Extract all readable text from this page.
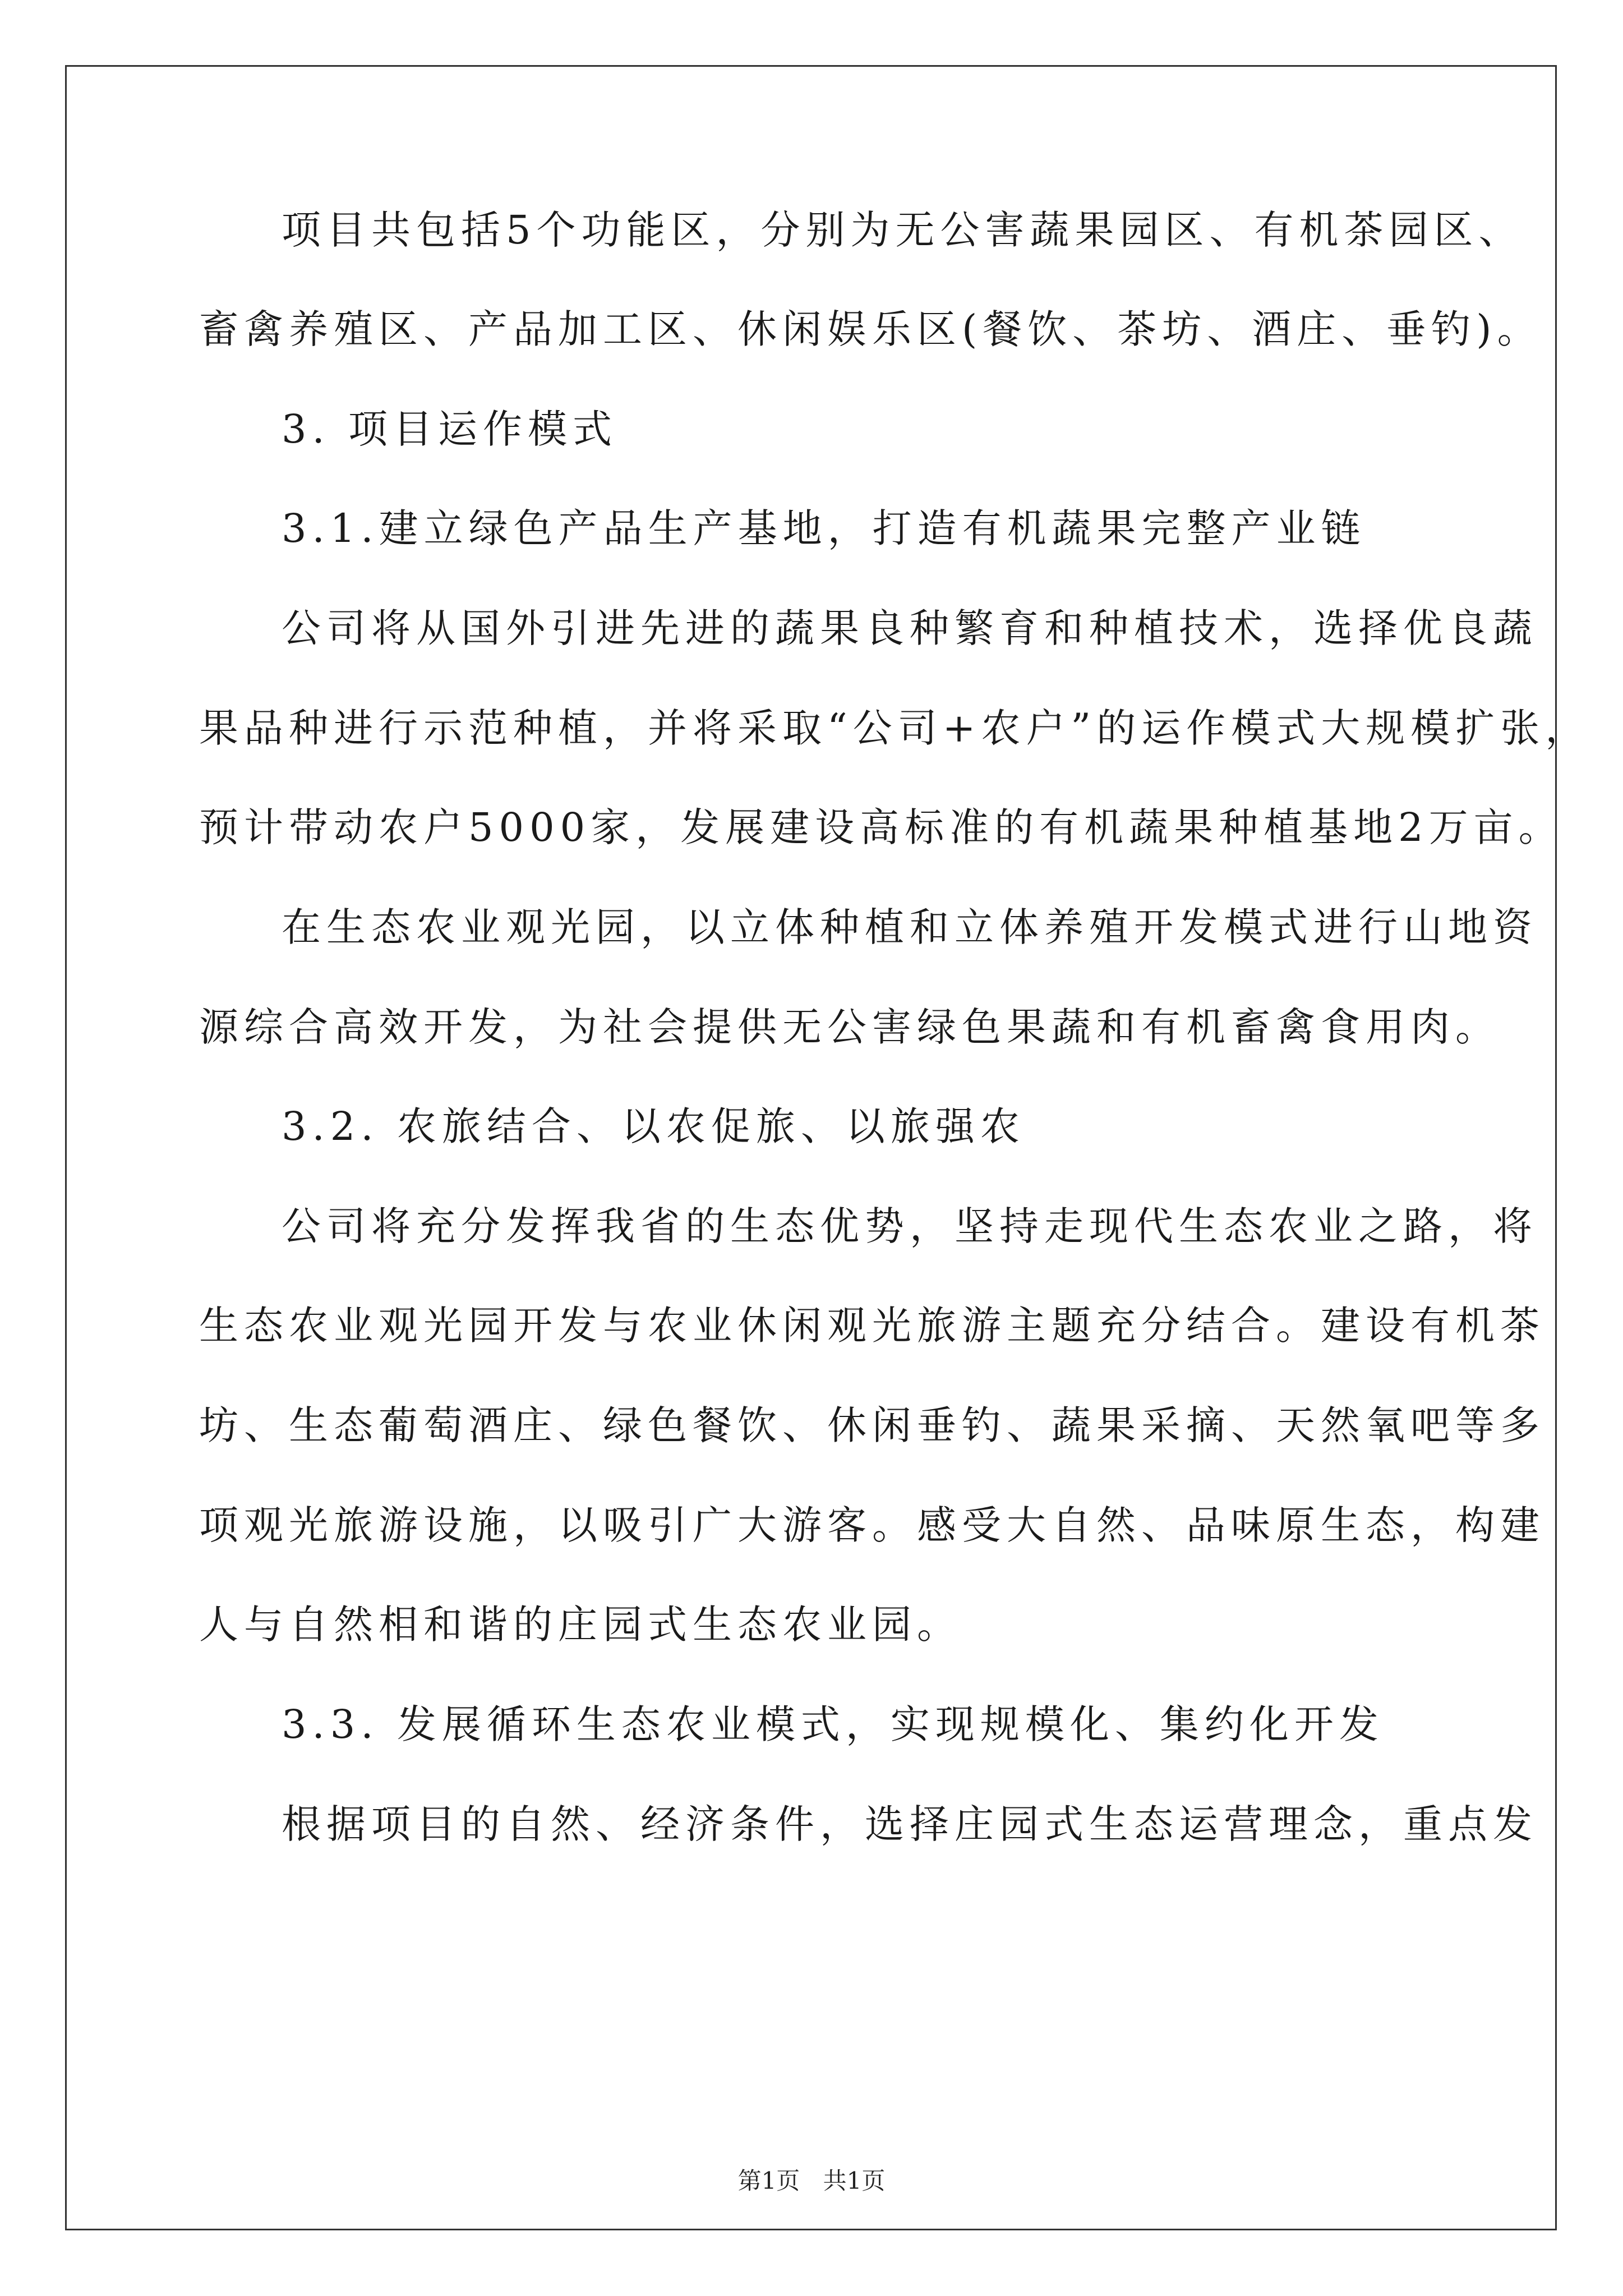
项目共包括5个功能区，分别为无公害蔬果园区、有机茶园区、
畜禽养殖区、产品加工区、休闲娱乐区(餐饮、茶坊、酒庄、垂钓)。
3. 项目运作模式
3.1.建立绿色产品生产基地，打造有机蔬果完整产业链
公司将从国外引进先进的蔬果良种繁育和种植技术，选择优良蔬
果品种进行示范种植，并将采取“公司+农户”的运作模式大规模扩张，
预计带动农户5000家，发展建设高标准的有机蔬果种植基地2万亩。
在生态农业观光园，以立体种植和立体养殖开发模式进行山地资
源综合高效开发，为社会提供无公害绿色果蔬和有机畜禽食用肉。
3.2. 农旅结合、以农促旅、以旅强农
公司将充分发挥我省的生态优势，坚持走现代生态农业之路，将
生态农业观光园开发与农业休闲观光旅游主题充分结合。建设有机茶
坊、生态葡萄酒庄、绿色餐饮、休闲垂钓、蔬果采摘、天然氧吧等多
项观光旅游设施，以吸引广大游客。感受大自然、品味原生态，构建
人与自然相和谐的庄园式生态农业园。
3.3. 发展循环生态农业模式，实现规模化、集约化开发
根据项目的自然、经济条件，选择庄园式生态运营理念，重点发
第1页 共1页
